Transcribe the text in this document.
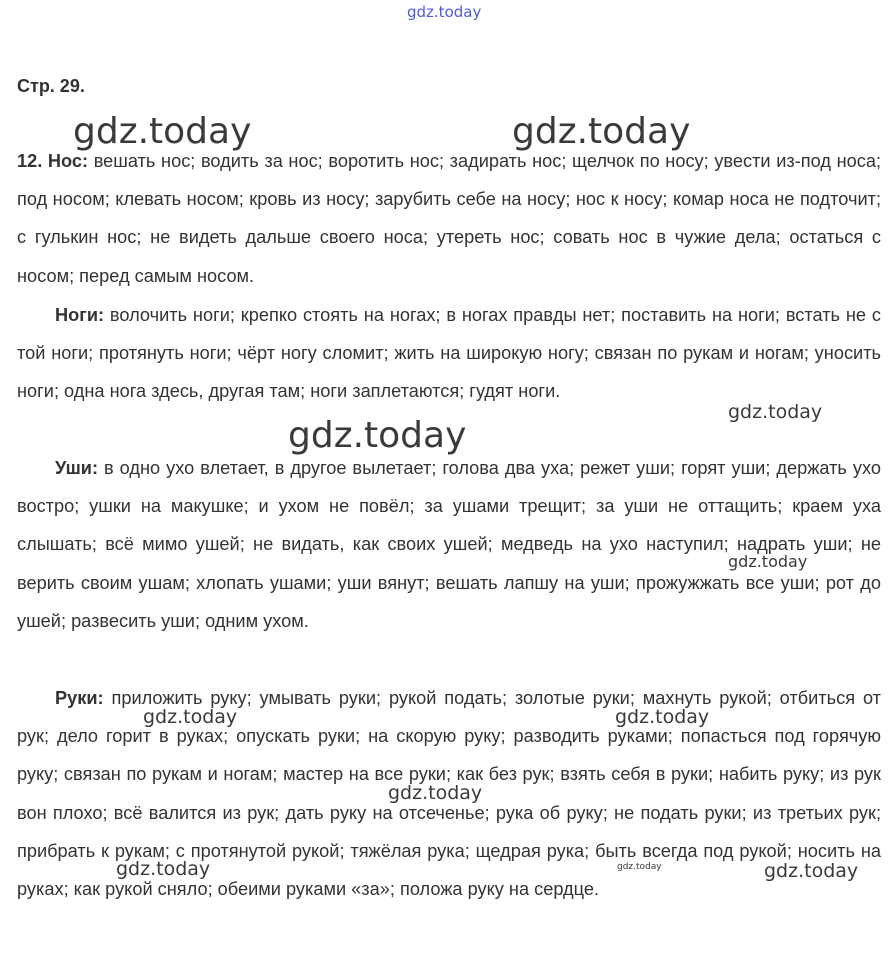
gdz.today
Стр. 29.

12. Нос: вешать нос; водить за нос; воротить нос; задирать нос; щелчок по носу; увести из-под носа; под носом; клевать носом; кровь из носу; зарубить себе на носу; нос к носу; комар носа не подточит; с гулькин нос; не видеть дальше своего носа; утереть нос; совать нос в чужие дела; остаться с носом; перед самым носом.

Ноги: волочить ноги; крепко стоять на ногах; в ногах правды нет; поставить на ноги; встать не с той ноги; протянуть ноги; чёрт ногу сломит; жить на широкую ногу; связан по рукам и ногам; уносить ноги; одна нога здесь, другая там; ноги заплетаются; гудят ноги.

Уши: в одно ухо влетает, в другое вылетает; голова два уха; режет уши; горят уши; держать ухо востро; ушки на макушке; и ухом не повёл; за ушами трещит; за уши не оттащить; краем уха слышать; всё мимо ушей; не видать, как своих ушей; медведь на ухо наступил; надрать уши; не верить своим ушам; хлопать ушами; уши вянут; вешать лапшу на уши; прожужжать все уши; рот до ушей; развесить уши; одним ухом.

Руки: приложить руку; умывать руки; рукой подать; золотые руки; махнуть рукой; отбиться от рук; дело горит в руках; опускать руки; на скорую руку; разводить руками; попасться под горячую руку; связан по рукам и ногам; мастер на все руки; как без рук; взять себя в руки; набить руку; из рук вон плохо; всё валится из рук; дать руку на отсеченье; рука об руку; не подать руки; из третьих рук; прибрать к рукам; с протянутой рукой; тяжёлая рука; щедрая рука; быть всегда под рукой; носить на руках; как рукой сняло; обеими руками «за»; положа руку на сердце.

gdz.today	gdz.today
gdz.today
gdz.today
gdz.today
gdz.today	gdz.today
gdz.today
gdz.today	gdz.today	gdz.today
